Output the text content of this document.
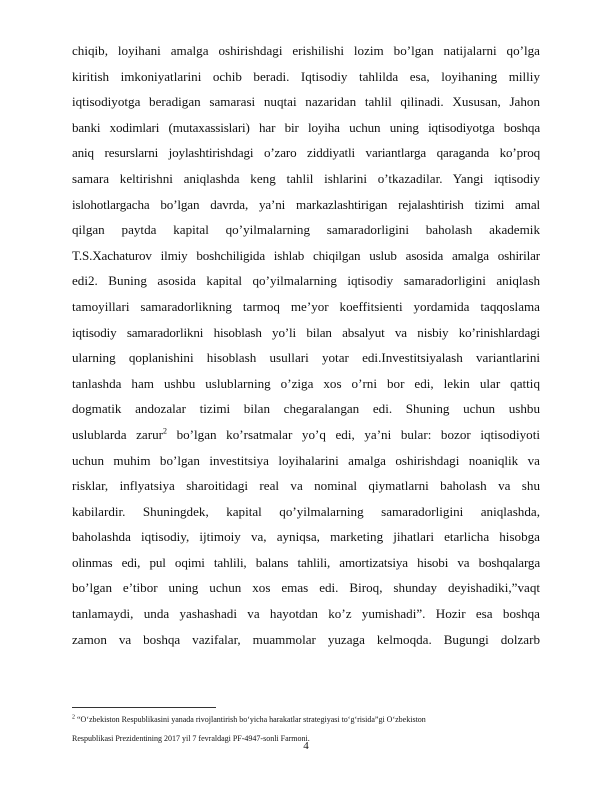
chiqib, loyihani amalga oshirishdagi erishilishi lozim bo’lgan natijalarni qo’lga
kiritish imkoniyatlarini ochib beradi. Iqtisodiy tahlilda esa, loyihaning milliy
iqtisodiyotga beradigan samarasi nuqtai nazaridan tahlil qilinadi. Xususan, Jahon
banki xodimlari (mutaxassislari) har bir loyiha uchun uning iqtisodiyotga boshqa
aniq resurslarni joylashtirishdagi o’zaro ziddiyatli variantlarga qaraganda ko’proq
samara keltirishni aniqlashda keng tahlil ishlarini o’tkazadilar. Yangi iqtisodiy
islohotlargacha bo’lgan davrda, ya’ni markazlashtirigan rejalashtirish tizimi amal
qilgan paytda kapital qo’yilmalarning samaradorligini baholash akademik
T.S.Xachaturov ilmiy boshchiligida ishlab chiqilgan uslub asosida amalga oshirilar
edi2. Buning asosida kapital qo’yilmalarning iqtisodiy samaradorligini aniqlash
tamoyillari samaradorlikning tarmoq me’yor koeffitsienti yordamida taqqoslama
iqtisodiy samaradorlikni hisoblash yo’li bilan absalyut va nisbiy ko’rinishlardagi
ularning qoplanishini hisoblash usullari yotar edi.Investitsiyalash variantlarini
tanlashda ham ushbu uslublarning o’ziga xos o’rni bor edi, lekin ular qattiq
dogmatik andozalar tizimi bilan chegaralangan edi. Shuning uchun ushbu
uslublarda zarur$^2$ bo’lgan ko’rsatmalar yo’q edi, ya’ni bular: bozor iqtisodiyoti
uchun muhim bo’lgan investitsiya loyihalarini amalga oshirishdagi noaniqlik va
risklar, inflyatsiya sharoitidagi real va nominal qiymatlarni baholash va shu
kabilardir. Shuningdek, kapital qo’yilmalarning samaradorligini aniqlashda,
baholashda iqtisodiy, ijtimoiy va, ayniqsa, marketing jihatlari etarlicha hisobga
olinmas edi, pul oqimi tahlili, balans tahlili, amortizatsiya hisobi va boshqalarga
bo’lgan e’tibor uning uchun xos emas edi. Biroq, shunday deyishadiki,”vaqt
tanlamaydi, unda yashashadi va hayotdan ko’z yumishadi”. Hozir esa boshqa
zamon va boshqa vazifalar, muammolar yuzaga kelmoqda. Bugungi dolzarb
$^2$ “O‘zbekiston Respublikasini yanada rivojlantirish bo‘yicha harakatlar strategiyasi to‘g‘risida”gi O‘zbekiston
Respublikasi Prezidentining 2017 yil 7 fevraldagi PF-4947-sonli Farmoni.
4
